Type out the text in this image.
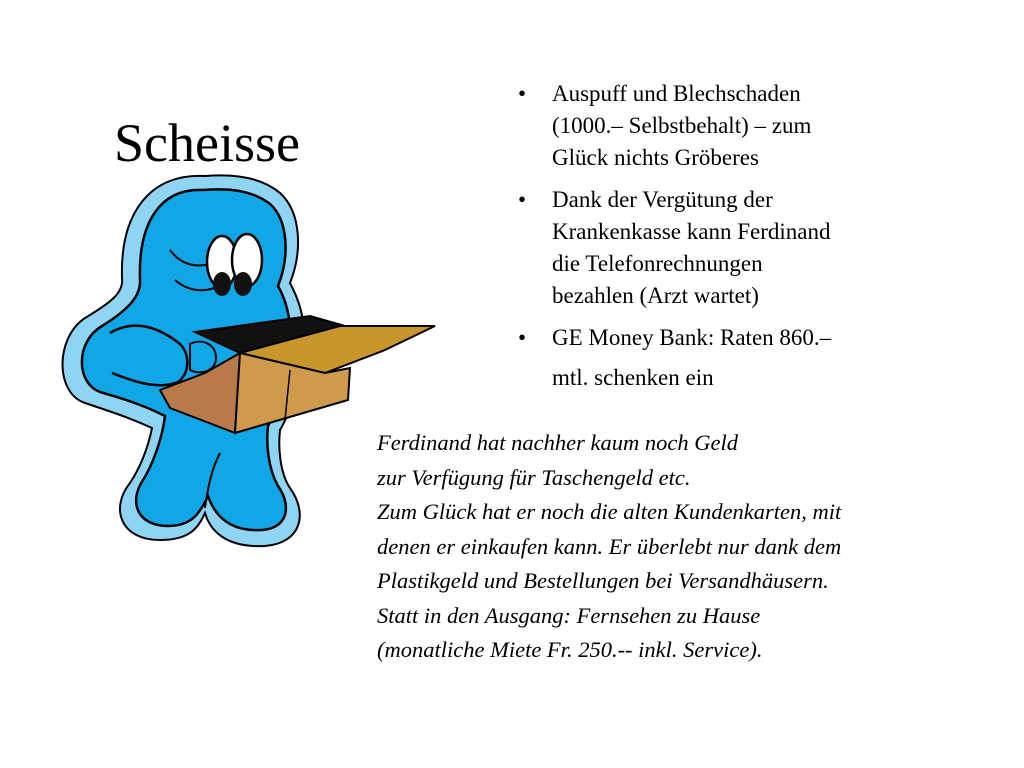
Scheisse
• Auspuff und Blechschaden
(1000.– Selbstbehalt) – zum
Glück nichts Gröberes
• Dank der Vergütung der
Krankenkasse kann Ferdinand
die Telefonrechnungen
bezahlen (Arzt wartet)
• GE Money Bank: Raten 860.–
mtl. schenken ein
Ferdinand hat nachher kaum noch Geld
zur Verfügung für Taschengeld etc.
Zum Glück hat er noch die alten Kundenkarten, mit
denen er einkaufen kann. Er überlebt nur dank dem
Plastikgeld und Bestellungen bei Versandhäusern.
Statt in den Ausgang: Fernsehen zu Hause
(monatliche Miete Fr. 250.-- inkl. Service).
